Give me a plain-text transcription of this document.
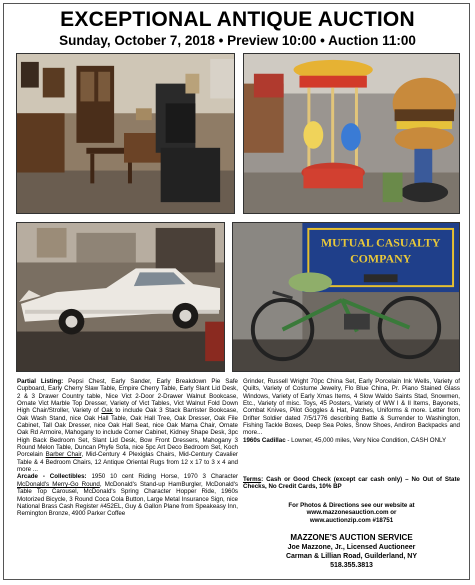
EXCEPTIONAL ANTIQUE AUCTION
Sunday, October 7, 2018 • Preview 10:00 • Auction 11:00
MUTUAL CASUALTY
COMPANY
Partial Listing: Pepsi Chest, Early Sander, Early Breakdown Pie Safe Cupboard, Early Cherry Slaw Table, Empire Cherry Table, Early Slant Lid Desk, 2 & 3 Drawer Country table, Nice Vict 2-Door 2-Drawer Walnut Bookcase, Ornate Vict Marble Top Dresser, Variety of Vict Tables, Vict Walnut Fold Down High Chair/Stroller, Variety of Oak to include Oak 3 Stack Barrister Bookcase, Oak Wash Stand, nice Oak Hall Table, Oak Hall Tree, Oak Dresser, Oak File Cabinet, Tall Oak Dresser, nice Oak Hall Seat, nice Oak Mama Chair, Ornate Oak Rd Armoire, Mahogany to include Corner Cabinet, Kidney Shape Desk, 3pc High Back Bedroom Set, Slant Lid Desk, Bow Front Dressers, Mahogany 3 Round Melon Table, Duncan Phyfe Sofa, nice 5pc Art Deco Bedroom Set, Koch Porcelain Barber Chair, Mid-Century 4 Plexiglas Chairs, Mid-Century Cavalier Table & 4 Bedroom Chairs, 12 Antique Oriental Rugs from 12 x 17 to 3 x 4 and more ...
Arcade - Collectibles: 1950 10 cent Riding Horse, 1970 3 Character McDonald's Merry-Go Round, McDonald's Stand-up HamBurgler, McDonald's Table Top Carousel, McDonald's Spring Character Hopper Ride, 1960s Motorized Bicycle, 3 Round Coca Cola Button, Large Metal Insurance Sign, nice National Brass Cash Register #452EL, Guy & Gallon Plane from Speakeasy Inn, Remington Bronze, 4900 Parker Coffee
Grinder, Russell Wright 70pc China Set, Early Porcelain Ink Wells, Variety of Quilts, Variety of Costume Jewelry, Flo Blue China, Pr. Piano Stained Glass Windows, Variety of Early Xmas Items, 4 Slow Waldo Saints Stad, Snowmen, Etc., Variety of misc. Toys, 45 Posters, Variety of WW I & II Items, Bayonets, Combat Knives, Pilot Goggles & Hat, Patches, Uniforms & more. Letter from Drifter Soldier dated 7/5/1776 describing Battle & Surrender to Washington, Fishing Tackle Boxes, Deep Sea Poles, Snow Shoes, Andiron Backpacks and more...
1960s Cadillac - Lowner, 45,000 miles, Very Nice Condition, CASH ONLY
Terms: Cash or Good Check (except car cash only) – No Out of State Checks, No Credit Cards, 10% BP
For Photos & Directions see our website at
www.mazzonesauction.com or
www.auctionzip.com #18751
MAZZONE'S AUCTION SERVICE
Joe Mazzone, Jr., Licensed Auctioneer
Carman & Lillian Road, Guilderland, NY
518.355.3813
